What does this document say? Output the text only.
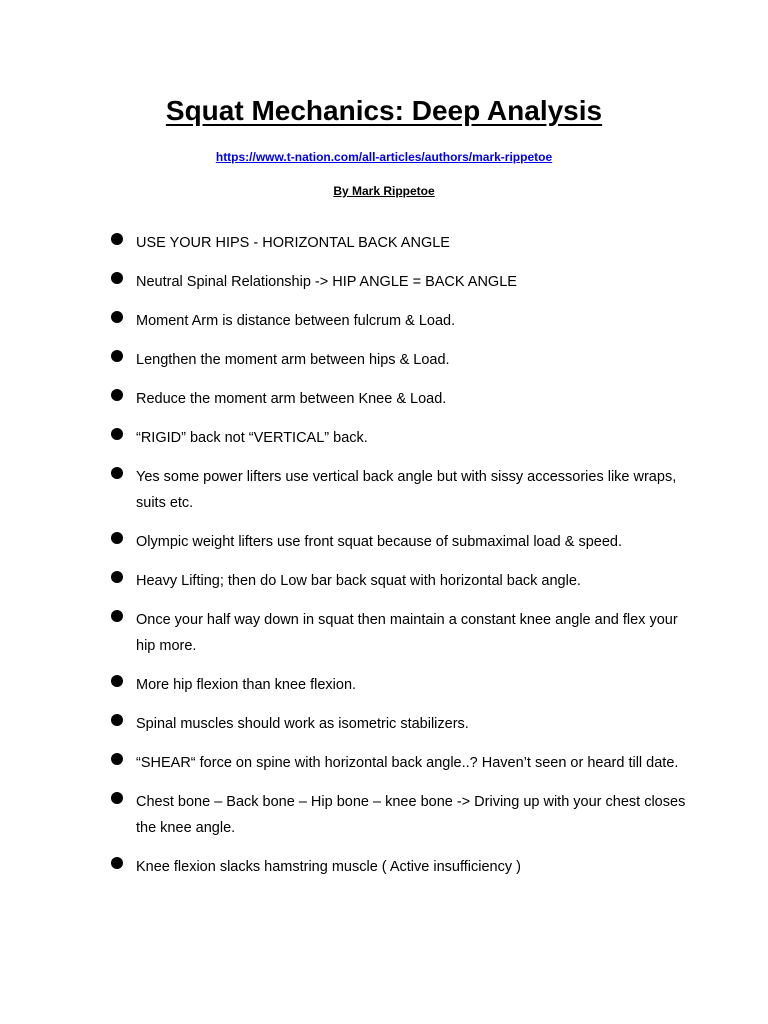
Squat Mechanics: Deep Analysis
https://www.t-nation.com/all-articles/authors/mark-rippetoe
By Mark Rippetoe
USE YOUR HIPS - HORIZONTAL BACK ANGLE
Neutral Spinal Relationship -> HIP ANGLE = BACK ANGLE
Moment Arm is distance between fulcrum & Load.
Lengthen the moment arm between hips & Load.
Reduce the moment arm between Knee & Load.
“RIGID” back not “VERTICAL” back.
Yes some power lifters use vertical back angle but with sissy accessories like wraps, suits etc.
Olympic weight lifters use front squat because of submaximal load & speed.
Heavy Lifting; then do Low bar back squat with horizontal back angle.
Once your half way down in squat then maintain a constant knee angle and flex your hip more.
More hip flexion than knee flexion.
Spinal muscles should work as isometric stabilizers.
“SHEAR“ force on spine with horizontal back angle..? Haven’t seen or heard till date.
Chest bone – Back bone – Hip bone – knee bone -> Driving up with your chest closes the knee angle.
Knee flexion slacks hamstring muscle ( Active insufficiency )
